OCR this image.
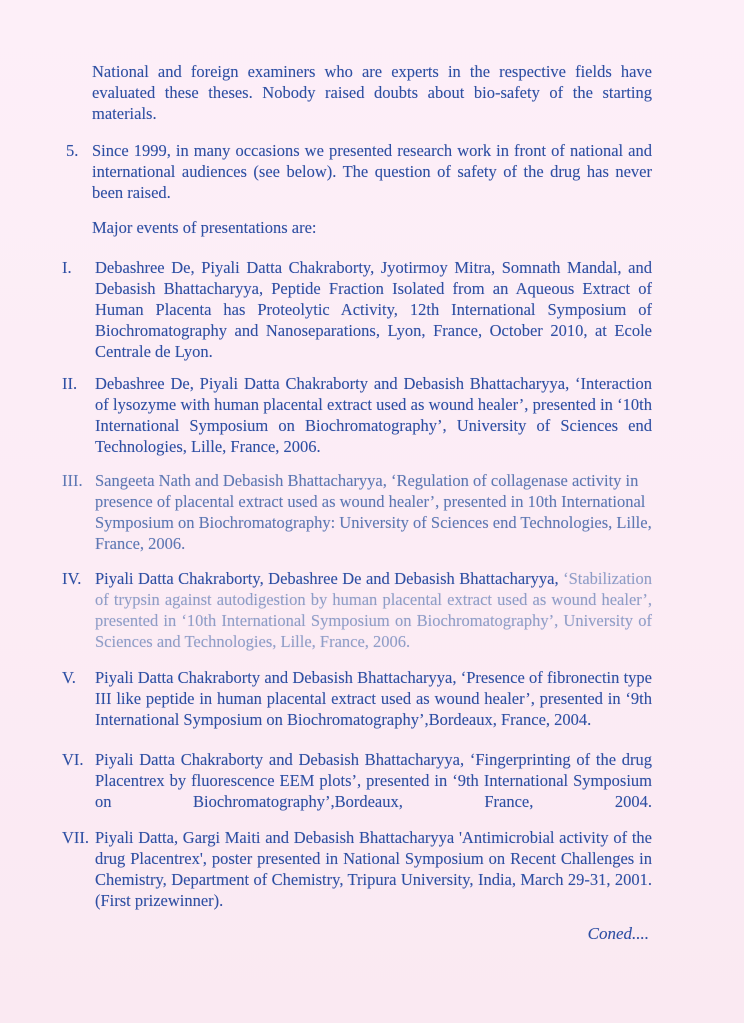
National and foreign examiners who are experts in the respective fields have evaluated these theses. Nobody raised doubts about bio-safety of the starting materials.

5. Since 1999, in many occasions we presented research work in front of national and international audiences (see below). The question of safety of the drug has never been raised.

Major events of presentations are:

I.	Debashree De, Piyali Datta Chakraborty, Jyotirmoy Mitra, Somnath Mandal, and Debasish Bhattacharyya, Peptide Fraction Isolated from an Aqueous Extract of Human Placenta has Proteolytic Activity, 12th International Symposium of Biochromatography and Nanoseparations, Lyon, France, October 2010, at Ecole Centrale de Lyon.

II.	Debashree De, Piyali Datta Chakraborty and Debasish Bhattacharyya, ‘Interaction of lysozyme with human placental extract used as wound healer’, presented in ‘10th International Symposium on Biochromatography’, University of Sciences end Technologies, Lille, France, 2006.

III. Sangeeta Nath and Debasish Bhattacharyya, ‘Regulation of collagenase activity in presence of placental extract used as wound healer’, presented in 10th International Symposium on Biochromatography: University of Sciences end Technologies, Lille, France, 2006.

IV. Piyali Datta Chakraborty, Debashree De and Debasish Bhattacharyya, ‘Stabilization of trypsin against autodigestion by human placental extract used as wound healer’, presented in ‘10th International Symposium on Biochromatography’, University of Sciences and Technologies, Lille, France, 2006.

V.	Piyali Datta Chakraborty and Debasish Bhattacharyya, ‘Presence of fibronectin type III like peptide in human placental extract used as wound healer’, presented in ‘9th International Symposium on Biochromatography’,Bordeaux, France, 2004.

VI. Piyali Datta Chakraborty and Debasish Bhattacharyya, ‘Fingerprinting of the drug Placentrex by fluorescence EEM plots’, presented in ‘9th International Symposium on Biochromatography’,Bordeaux, France, 2004.

VII. Piyali Datta, Gargi Maiti and Debasish Bhattacharyya 'Antimicrobial activity of the drug Placentrex', poster presented in National Symposium on Recent Challenges in Chemistry, Department of Chemistry, Tripura University, India, March 29-31, 2001. (First prizewinner).

Coned....
